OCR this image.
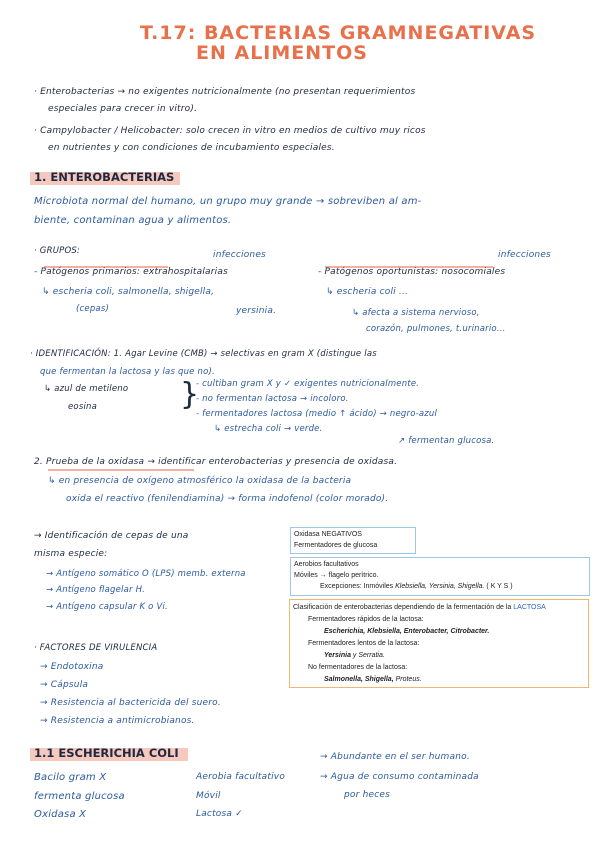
T.17: BACTERIAS GRAMNEGATIVAS
EN ALIMENTOS
· Enterobacterias → no exigentes nutricionalmente (no presentan requerimientos
especiales para crecer in vitro).
· Campylobacter / Helicobacter: solo crecen in vitro en medios de cultivo muy ricos
en nutrientes y con condiciones de incubamiento especiales.
1. ENTEROBACTERIAS
Microbiota normal del humano, un grupo muy grande → sobreviben al am-
biente, contaminan agua y alimentos.
· GRUPOS:	infecciones	infecciones
- Patógenos primarios: extrahospitalarias	- Patógenos oportunistas: nosocomiales
↳ escheria coli, salmonella, shigella,
(cepas)	yersinia.
↳ escheria coli ...
↳ afecta a sistema nervioso,
corazón, pulmones, t.urinario...
· IDENTIFICACIÓN: 1. Agar Levine (CMB) → selectivas en gram X (distingue las
que fermentan la lactosa y las que no).
↳ azul de metileno
eosina	}
- cultiban gram X y ✓ exigentes nutricionalmente.
- no fermentan lactosa → incoloro.
- fermentadores lactosa (medio ↑ ácido) → negro-azul
↳ estrecha coli → verde.
↗ fermentan glucosa.
2. Prueba de la oxidasa → identificar enterobacterias y presencia de oxidasa.
↳ en presencia de oxígeno atmosférico la oxidasa de la bacteria
oxida el reactivo (fenilendiamina) → forma indofenol (color morado).
→ Identificación de cepas de una
misma especie:
→ Antígeno somático O (LPS) memb. externa
→ Antígeno flagelar H.
→ Antígeno capsular K o Vi.
Oxidasa NEGATIVOS
Fermentadores de glucosa
Aerobios facultativos
Móviles → flagelo perítrico.
Excepciones: Inmóviles Klebsiella, Yersinia, Shigella. ( K Y S )
Clasificación de enterobacterias dependiendo de la fermentación de la LACTOSA
Fermentadores rápidos de la lactosa:
Escherichia, Klebsiella, Enterobacter, Citrobacter.
Fermentadores lentos de la lactosa:
Yersinia y Serratia.
No fermentadores de la lactosa:
Salmonella, Shigella, Proteus.
· FACTORES DE VIRULENCIA
→ Endotoxina
→ Cápsula
→ Resistencia al bactericida del suero.
→ Resistencia a antimicrobianos.
1.1 ESCHERICHIA COLI
Bacilo gram X
fermenta glucosa
Oxidasa X
Aerobia facultativo
Móvil
Lactosa ✓
→ Abundante en el ser humano.
→ Agua de consumo contaminada
por heces
